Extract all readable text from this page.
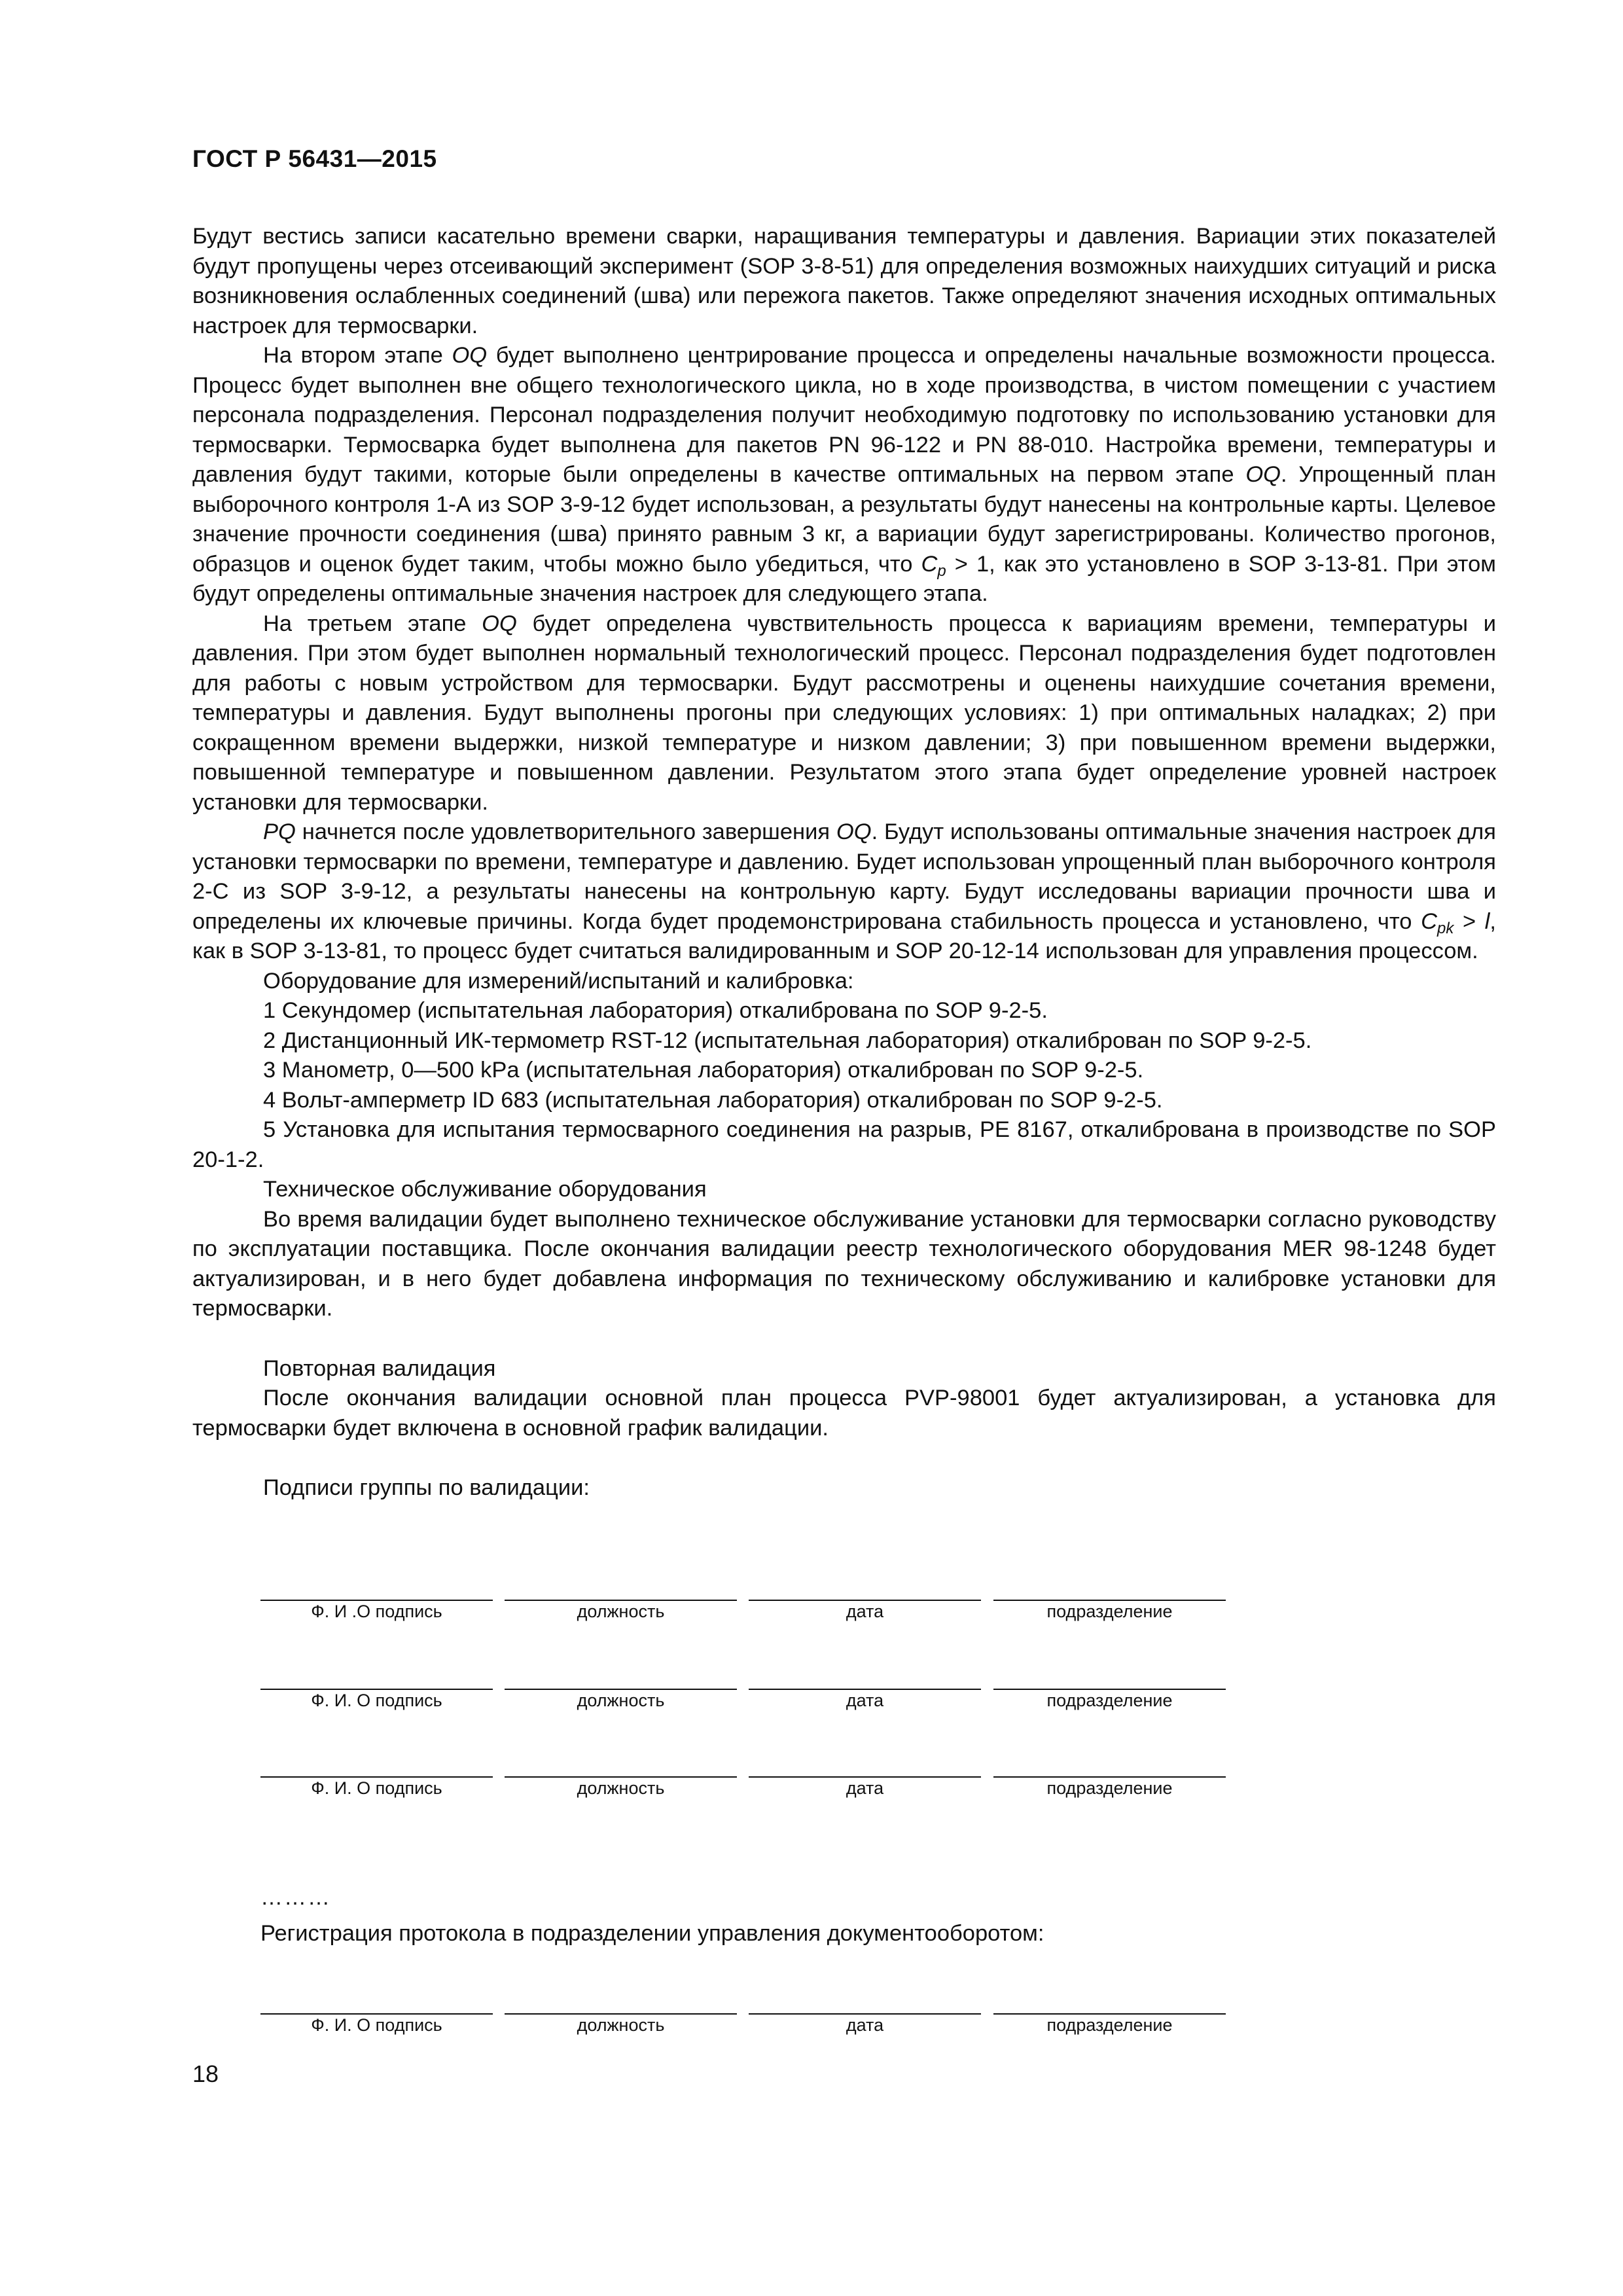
ГОСТ Р 56431—2015

Будут вестись записи касательно времени сварки, наращивания температуры и давления. Вариации этих показателей будут пропущены через отсеивающий эксперимент (SOP 3-8-51) для определения возможных наихудших ситуаций и риска возникновения ослабленных соединений (шва) или пережога пакетов. Также определяют значения исходных оптимальных настроек для термосварки.

На втором этапе OQ будет выполнено центрирование процесса и определены начальные возможности процесса. Процесс будет выполнен вне общего технологического цикла, но в ходе производства, в чистом помещении с участием персонала подразделения. Персонал подразделения получит необходимую подготовку по использованию установки для термосварки. Термосварка будет выполнена для пакетов PN 96-122 и PN 88-010. Настройка времени, температуры и давления будут такими, которые были определены в качестве оптимальных на первом этапе OQ. Упрощенный план выборочного контроля 1-А из SOP 3-9-12 будет использован, а результаты будут нанесены на контрольные карты. Целевое значение прочности соединения (шва) принято равным 3 кг, а вариации будут зарегистрированы. Количество прогонов, образцов и оценок будет таким, чтобы можно было убедиться, что $C_p > 1$, как это установлено в SOP 3-13-81. При этом будут определены оптимальные значения настроек для следующего этапа.

На третьем этапе OQ будет определена чувствительность процесса к вариациям времени, температуры и давления. При этом будет выполнен нормальный технологический процесс. Персонал подразделения будет подготовлен для работы с новым устройством для термосварки. Будут рассмотрены и оценены наихудшие сочетания времени, температуры и давления. Будут выполнены прогоны при следующих условиях: 1) при оптимальных наладках; 2) при сокращенном времени выдержки, низкой температуре и низком давлении; 3) при повышенном времени выдержки, повышенной температуре и повышенном давлении. Результатом этого этапа будет определение уровней настроек установки для термосварки.

PQ начнется после удовлетворительного завершения OQ. Будут использованы оптимальные значения настроек для установки термосварки по времени, температуре и давлению. Будет использован упрощенный план выборочного контроля 2-С из SOP 3-9-12, а результаты нанесены на контрольную карту. Будут исследованы вариации прочности шва и определены их ключевые причины. Когда будет продемонстрирована стабильность процесса и установлено, что $C_{pk} > l$, как в SOP 3-13-81, то процесс будет считаться валидированным и SOP 20-12-14 использован для управления процессом.

Оборудование для измерений/испытаний и калибровка:

1 Секундомер (испытательная лаборатория) откалибрована по SOP 9-2-5.

2 Дистанционный ИК-термометр RST-12 (испытательная лаборатория) откалиброван по SOP 9-2-5.

3 Манометр, 0—500 kPa (испытательная лаборатория) откалиброван по SOP 9-2-5.

4 Вольт-амперметр ID 683 (испытательная лаборатория) откалиброван по SOP 9-2-5.

5 Установка для испытания термосварного соединения на разрыв, РЕ 8167, откалиброванa в производстве по SOP 20-1-2.

Техническое обслуживание оборудования

Во время валидации будет выполнено техническое обслуживание установки для термосварки согласно руководству по эксплуатации поставщика. После окончания валидации реестр технологического оборудования MER 98-1248 будет актуализирован, и в него будет добавлена информация по техническому обслуживанию и калибровке установки для термосварки.

Повторная валидация

После окончания валидации основной план процесса PVP-98001 будет актуализирован, а установка для термосварки будет включена в основной график валидации.

Подписи группы по валидации:

Ф. И .О подпись	должность	дата	подразделение
Ф. И. О подпись	должность	дата	подразделение
Ф. И. О подпись	должность	дата	подразделение
Ф. И. О подпись	должность	дата	подразделение
………
Регистрация протокола в подразделении управления документооборотом:
18
